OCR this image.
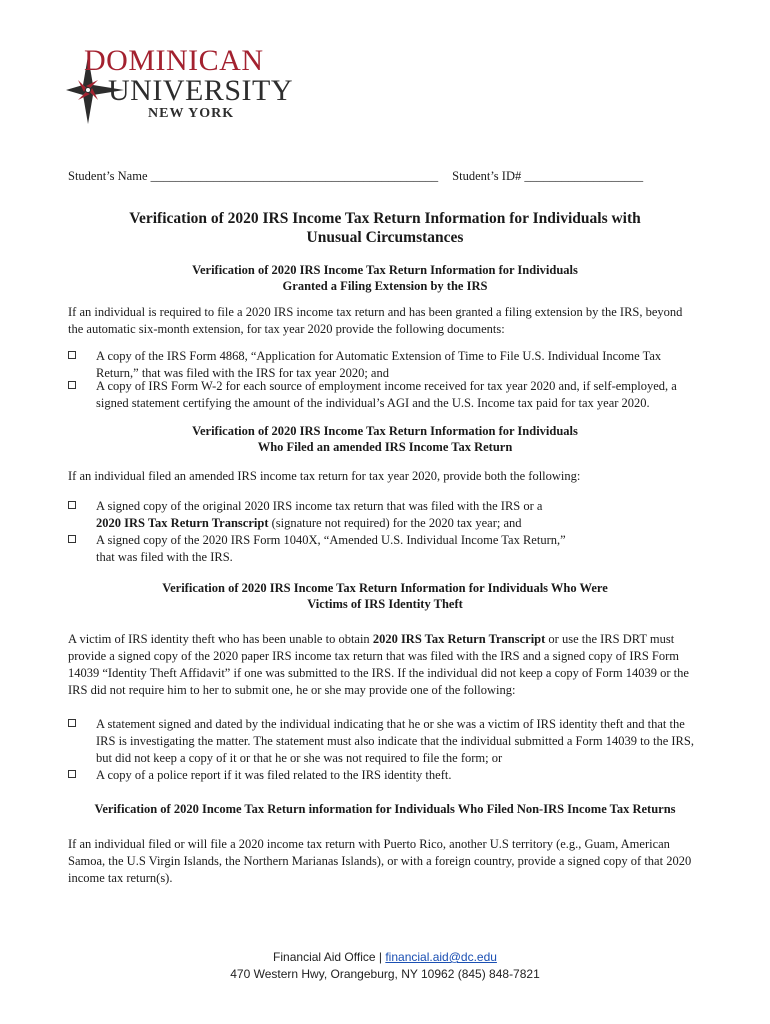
DOMINICAN
UNIVERSITY
NEW YORK
Student’s Name ______________________________________________ Student’s ID# ___________________
Verification of 2020 IRS Income Tax Return Information for Individuals with
Unusual Circumstances
Verification of 2020 IRS Income Tax Return Information for Individuals
Granted a Filing Extension by the IRS
If an individual is required to file a 2020 IRS income tax return and has been granted a filing extension by the IRS, beyond the automatic six-month extension, for tax year 2020 provide the following documents:
A copy of the IRS Form 4868, “Application for Automatic Extension of Time to File U.S. Individual Income Tax Return,” that was filed with the IRS for tax year 2020; and
A copy of IRS Form W-2 for each source of employment income received for tax year 2020 and, if self-employed, a signed statement certifying the amount of the individual’s AGI and the U.S. Income tax paid for tax year 2020.
Verification of 2020 IRS Income Tax Return Information for Individuals
Who Filed an amended IRS Income Tax Return
If an individual filed an amended IRS income tax return for tax year 2020, provide both the following:
A signed copy of the original 2020 IRS income tax return that was filed with the IRS or a
2020 IRS Tax Return Transcript (signature not required) for the 2020 tax year; and
A signed copy of the 2020 IRS Form 1040X, “Amended U.S. Individual Income Tax Return,” that was filed with the IRS.
Verification of 2020 IRS Income Tax Return Information for Individuals Who Were
Victims of IRS Identity Theft
A victim of IRS identity theft who has been unable to obtain 2020 IRS Tax Return Transcript or use the IRS DRT must provide a signed copy of the 2020 paper IRS income tax return that was filed with the IRS and a signed copy of IRS Form 14039 “Identity Theft Affidavit” if one was submitted to the IRS. If the individual did not keep a copy of Form 14039 or the IRS did not require him to her to submit one, he or she may provide one of the following:
A statement signed and dated by the individual indicating that he or she was a victim of IRS identity theft and that the IRS is investigating the matter. The statement must also indicate that the individual submitted a Form 14039 to the IRS, but did not keep a copy of it or that he or she was not required to file the form; or
A copy of a police report if it was filed related to the IRS identity theft.
Verification of 2020 Income Tax Return information for Individuals Who Filed Non-IRS Income Tax Returns
If an individual filed or will file a 2020 income tax return with Puerto Rico, another U.S territory (e.g., Guam, American Samoa, the U.S Virgin Islands, the Northern Marianas Islands), or with a foreign country, provide a signed copy of that 2020 income tax return(s).
Financial Aid Office | financial.aid@dc.edu
470 Western Hwy, Orangeburg, NY 10962 (845) 848-7821
